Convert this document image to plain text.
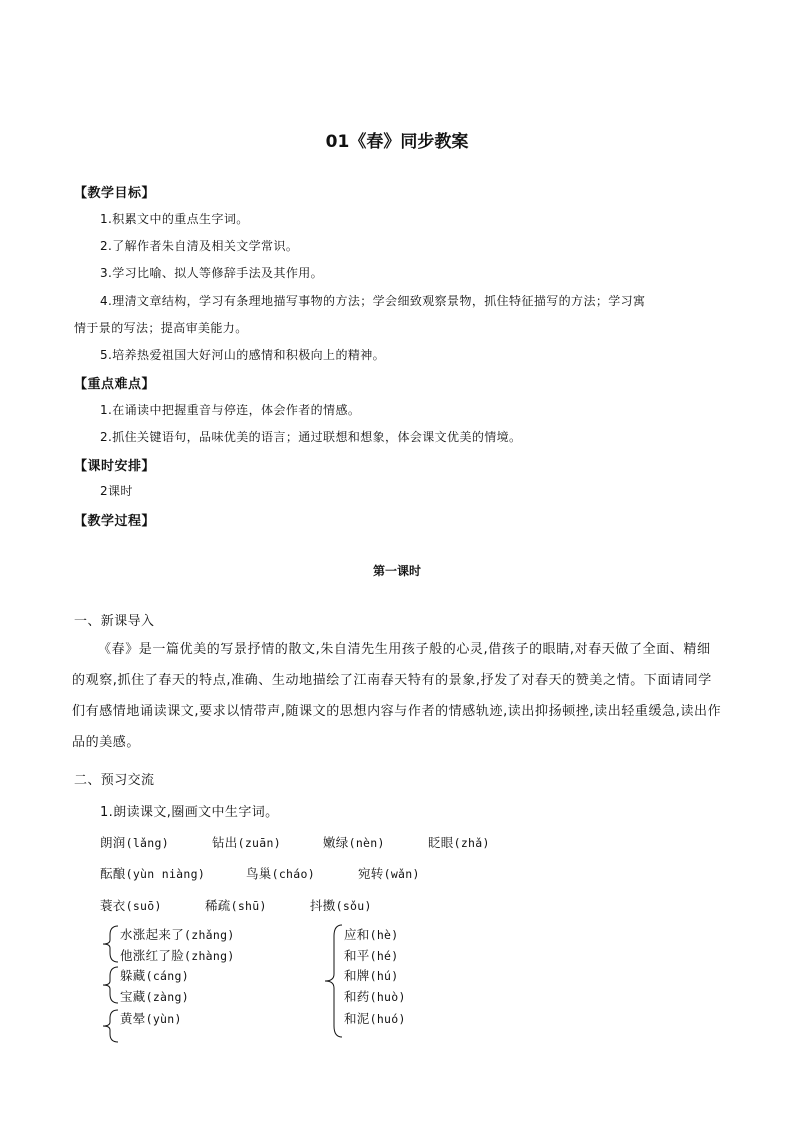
01《春》同步教案
【教学目标】
1.积累文中的重点生字词。
2.了解作者朱自清及相关文学常识。
3.学习比喻、拟人等修辞手法及其作用。
4.理清文章结构，学习有条理地描写事物的方法；学会细致观察景物，抓住特征描写的方法；学习寓
情于景的写法；提高审美能力。
5.培养热爱祖国大好河山的感情和积极向上的精神。
【重点难点】
1.在诵读中把握重音与停连，体会作者的情感。
2.抓住关键语句，品味优美的语言；通过联想和想象，体会课文优美的情境。
【课时安排】
2课时
【教学过程】
第一课时
一、新课导入
《春》是一篇优美的写景抒情的散文,朱自清先生用孩子般的心灵,借孩子的眼睛,对春天做了全面、精细的观察,抓住了春天的特点,准确、生动地描绘了江南春天特有的景象,抒发了对春天的赞美之情。下面请同学们有感情地诵读课文,要求以情带声,随课文的思想内容与作者的情感轨迹,读出抑扬顿挫,读出轻重缓急,读出作品的美感。
二、预习交流
1.朗读课文,圈画文中生字词。
朗润(lǎng)	钻出(zuān)	嫩绿(nèn)	眨眼(zhǎ)
酝酿(yùn niàng)	鸟巢(cháo)	宛转(wǎn)
蓑衣(suō)	稀疏(shū)	抖擞(sǒu)
水涨起来了(zhǎng)
他涨红了脸(zhàng)
躲藏(cáng)
宝藏(zàng)
黄晕(yùn)
应和(hè)
和平(hé)
和牌(hú)
和药(huò)
和泥(huó)
